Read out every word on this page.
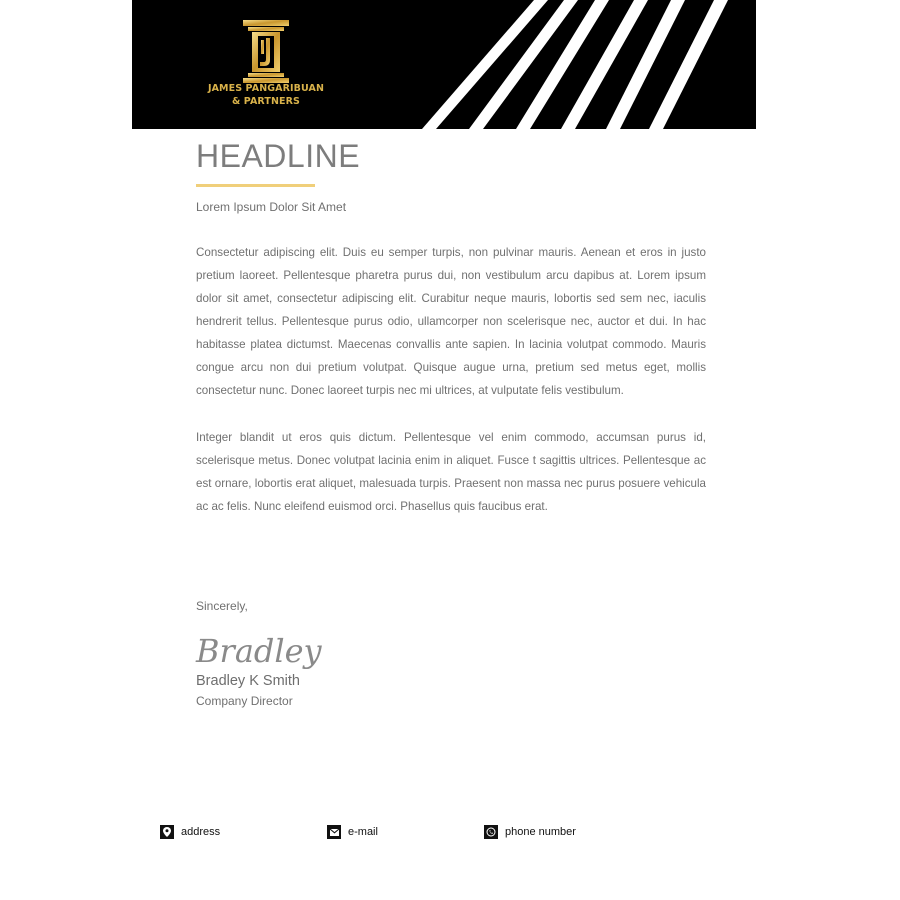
JAMES PANGARIBUAN
& PARTNERS
HEADLINE
Lorem Ipsum Dolor Sit Amet

Consectetur adipiscing elit. Duis eu semper turpis, non pulvinar mauris. Aenean et eros in justo pretium laoreet. Pellentesque pharetra purus dui, non vestibulum arcu dapibus at. Lorem ipsum dolor sit amet, consectetur adipiscing elit. Curabitur neque mauris, lobortis sed sem nec, iaculis hendrerit tellus. Pellentesque purus odio, ullamcorper non scelerisque nec, auctor et dui. In hac habitasse platea dictumst. Maecenas convallis ante sapien. In lacinia volutpat commodo. Mauris congue arcu non dui pretium volutpat. Quisque augue urna, pretium sed metus eget, mollis consectetur nunc. Donec laoreet turpis nec mi ultrices, at vulputate felis vestibulum.

Integer blandit ut eros quis dictum. Pellentesque vel enim commodo, accumsan purus id, scelerisque metus. Donec volutpat lacinia enim in aliquet. Fusce t sagittis ultrices. Pellentesque ac est ornare, lobortis erat aliquet, malesuada turpis. Praesent non massa nec purus posuere vehicula ac ac felis. Nunc eleifend euismod orci. Phasellus quis faucibus erat.

Sincerely,
Bradley
Bradley K Smith
Company Director
address	e-mail	phone number
